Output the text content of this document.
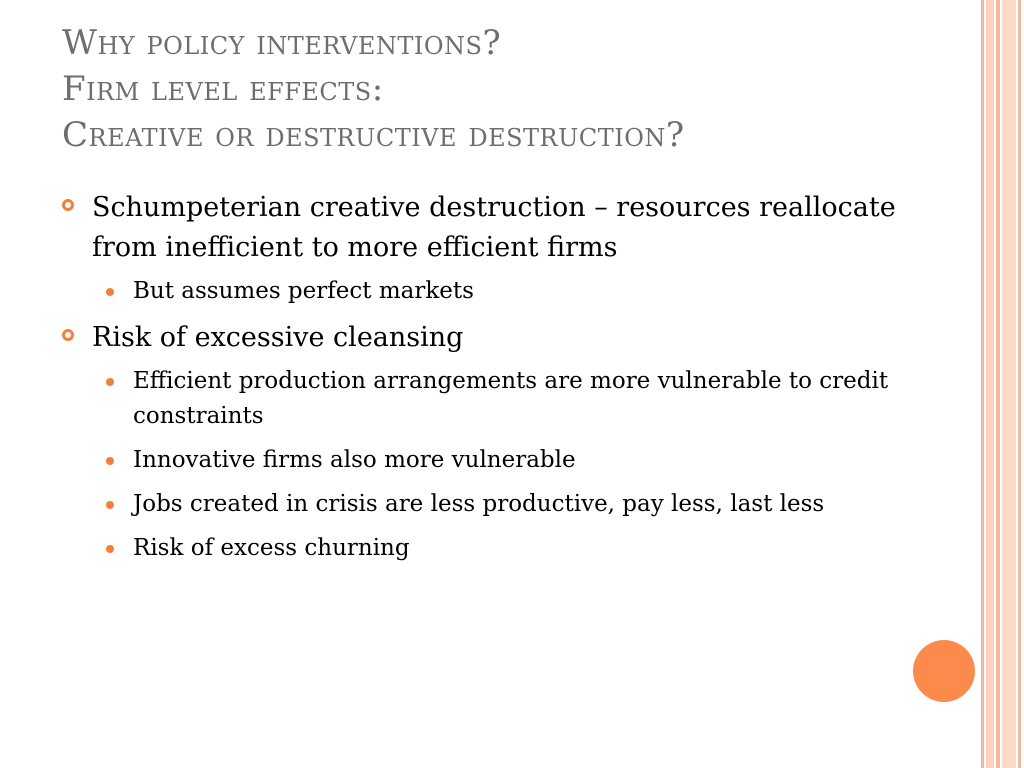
Why policy interventions?
Firm level effects:
Creative or destructive destruction?
Schumpeterian creative destruction – resources reallocate from inefficient to more efficient firms
But assumes perfect markets
Risk of excessive cleansing
Efficient production arrangements are more vulnerable to credit constraints
Innovative firms also more vulnerable
Jobs created in crisis are less productive, pay less, last less
Risk of excess churning
